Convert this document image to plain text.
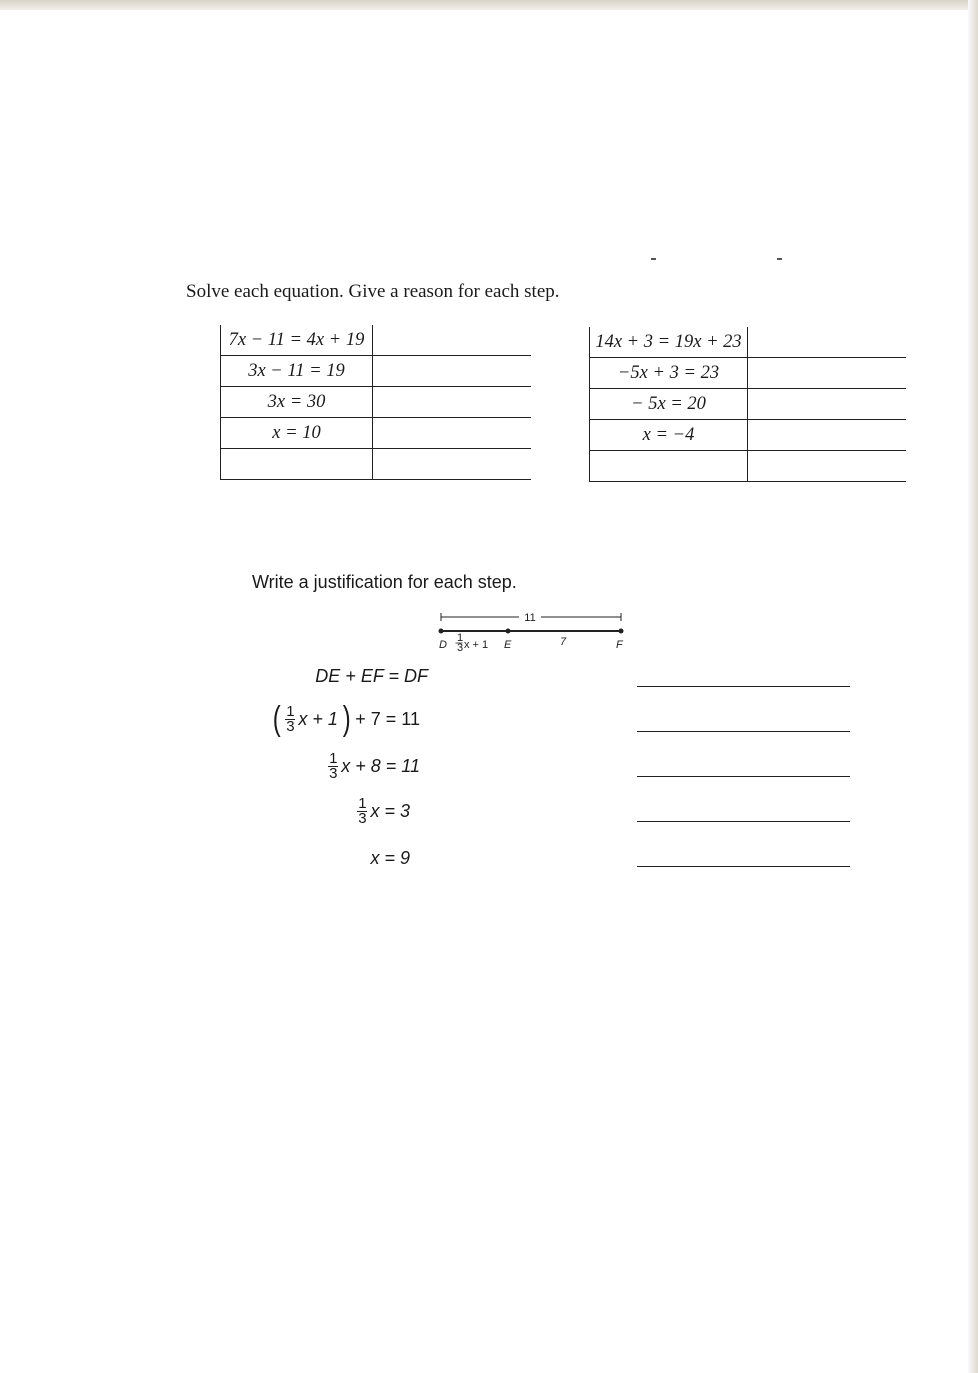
Solve each equation. Give a reason for each step.
7x − 11 = 4x + 19	
3x − 11 = 19	
3x = 30	
x = 10	

14x + 3 = 19x + 23	
−5x + 3 = 23	
− 5x = 20	
x = −4	

Write a justification for each step.
11
D
1
3 x + 1 E	7	F
DE + EF = DF
( $\frac{1}{3}$ x + 1 ) + 7 = 11
$\frac{1}{3}$ x + 8 = 11
$\frac{1}{3}$ x = 3
x = 9
